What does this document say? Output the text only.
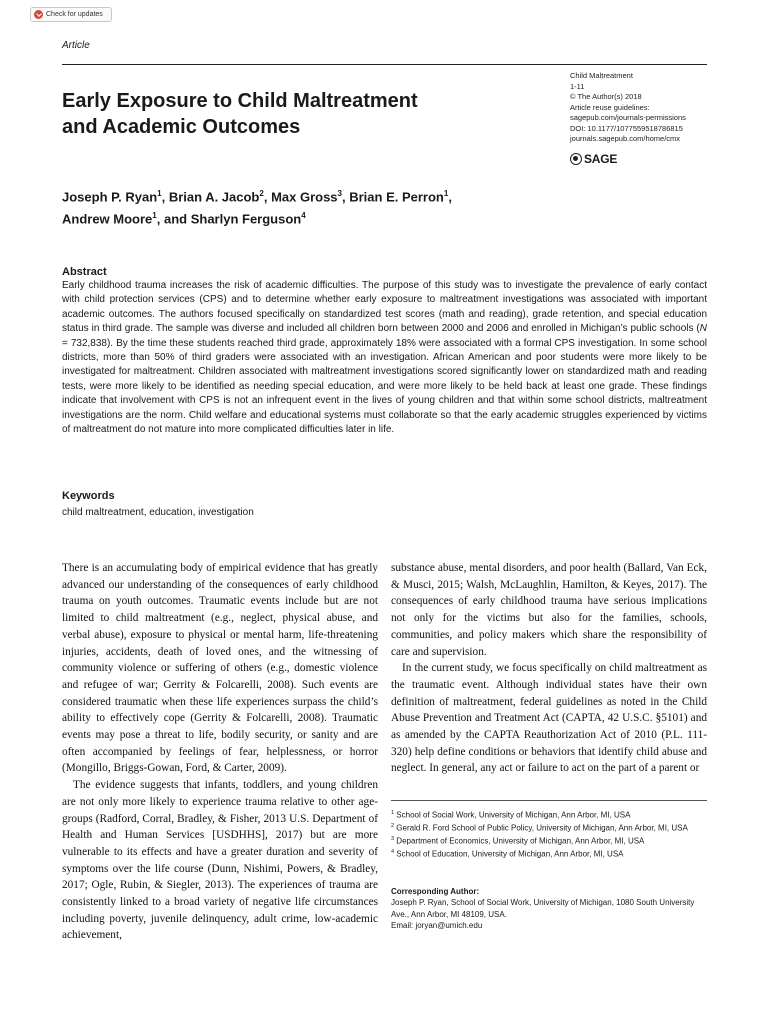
Check for updates
Article
Early Exposure to Child Maltreatment
and Academic Outcomes
Child Maltreatment
1-11
© The Author(s) 2018
Article reuse guidelines:
sagepub.com/journals-permissions
DOI: 10.1177/1077559518786815
journals.sagepub.com/home/cmx
SAGE
Joseph P. Ryan$^1$, Brian A. Jacob$^2$, Max Gross$^3$, Brian E. Perron$^1$,
Andrew Moore$^1$, and Sharlyn Ferguson$^4$
Abstract
Early childhood trauma increases the risk of academic difficulties. The purpose of this study was to investigate the prevalence of early contact with child protection services (CPS) and to determine whether early exposure to maltreatment investigations was associated with important academic outcomes. The authors focused specifically on standardized test scores (math and reading), grade retention, and special education status in third grade. The sample was diverse and included all children born between 2000 and 2006 and enrolled in Michigan’s public schools (N = 732,838). By the time these students reached third grade, approximately 18% were associated with a formal CPS investigation. In some school districts, more than 50% of third graders were associated with an investigation. African American and poor students were more likely to be investigated for maltreatment. Children associated with maltreatment investigations scored significantly lower on standardized math and reading tests, were more likely to be identified as needing special education, and were more likely to be held back at least one grade. These findings indicate that involvement with CPS is not an infrequent event in the lives of young children and that within some school districts, maltreatment investigations are the norm. Child welfare and educational systems must collaborate so that the early academic struggles experienced by victims of maltreatment do not mature into more complicated difficulties later in life.
Keywords
child maltreatment, education, investigation

There is an accumulating body of empirical evidence that has greatly advanced our understanding of the consequences of early childhood trauma on youth outcomes. Traumatic events include but are not limited to child maltreatment (e.g., neglect, physical abuse, and verbal abuse), exposure to physical or mental harm, life-threatening injuries, accidents, death of loved ones, and the witnessing of community violence or suffering of others (e.g., domestic violence and refugee of war; Gerrity & Folcarelli, 2008). Such events are considered traumatic when these life experiences surpass the child’s ability to effectively cope (Gerrity & Folcarelli, 2008). Traumatic events may pose a threat to life, bodily security, or sanity and are often accompanied by feelings of fear, helplessness, or horror (Mongillo, Briggs-Gowan, Ford, & Carter, 2009).

The evidence suggests that infants, toddlers, and young children are not only more likely to experience trauma relative to other age-groups (Radford, Corral, Bradley, & Fisher, 2013 U.S. Department of Health and Human Services [USDHHS], 2017) but are more vulnerable to its effects and have a greater duration and severity of symptoms over the life course (Dunn, Nishimi, Powers, & Bradley, 2017; Ogle, Rubin, & Siegler, 2013). The experiences of trauma are consistently linked to a broad variety of negative life circumstances including poverty, juvenile delinquency, adult crime, low-academic achievement,

substance abuse, mental disorders, and poor health (Ballard, Van Eck, & Musci, 2015; Walsh, McLaughlin, Hamilton, & Keyes, 2017). The consequences of early childhood trauma have serious implications not only for the victims but also for the families, schools, communities, and policy makers which share the responsibility of care and supervision.

In the current study, we focus specifically on child maltreatment as the traumatic event. Although individual states have their own definition of maltreatment, federal guidelines as noted in the Child Abuse Prevention and Treatment Act (CAPTA, 42 U.S.C. §5101) and as amended by the CAPTA Reauthorization Act of 2010 (P.L. 111-320) help define conditions or behaviors that identify child abuse and neglect. In general, any act or failure to act on the part of a parent or

$^1$ School of Social Work, University of Michigan, Ann Arbor, MI, USA

$^2$ Gerald R. Ford School of Public Policy, University of Michigan, Ann Arbor, MI, USA

$^3$ Department of Economics, University of Michigan, Ann Arbor, MI, USA

$^4$ School of Education, University of Michigan, Ann Arbor, MI, USA

Corresponding Author:

Joseph P. Ryan, School of Social Work, University of Michigan, 1080 South University Ave., Ann Arbor, MI 48109, USA.

Email: joryan@umich.edu
